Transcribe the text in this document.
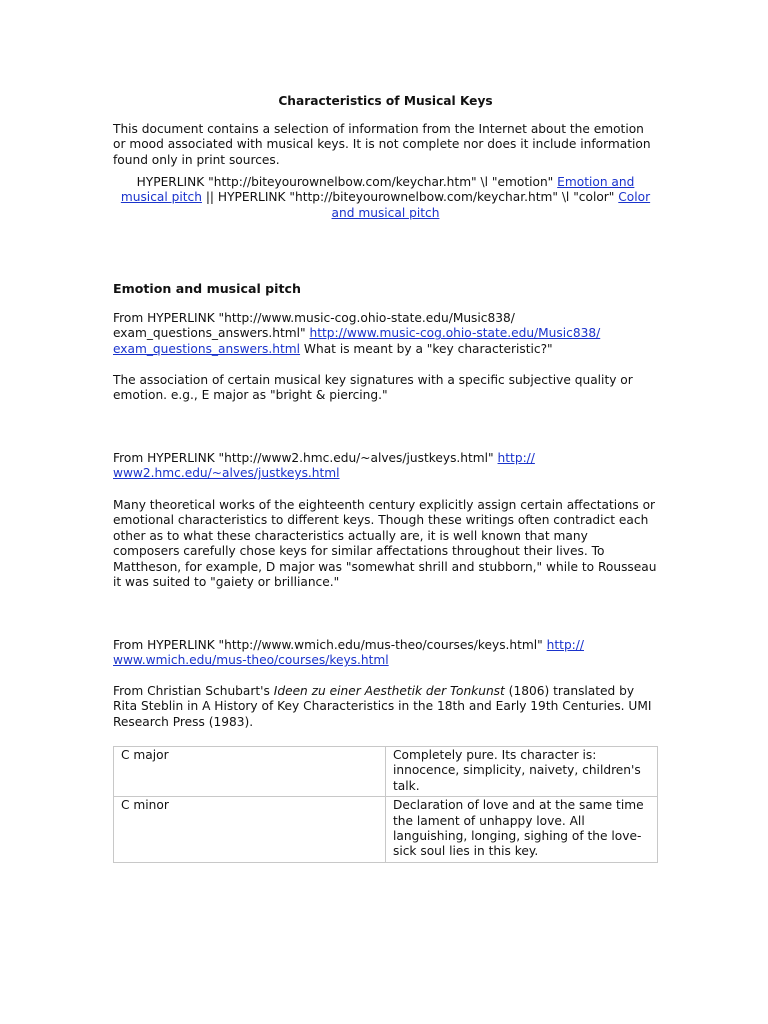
Characteristics of Musical Keys

This document contains a selection of information from the Internet about the emotion or mood associated with musical keys. It is not complete nor does it include information found only in print sources.

HYPERLINK "http://biteyourownelbow.com/keychar.htm" \l "emotion" Emotion and musical pitch || HYPERLINK "http://biteyourownelbow.com/keychar.htm" \l "color" Color and musical pitch

Emotion and musical pitch

From HYPERLINK "http://www.music-cog.ohio-state.edu/Music838/ exam_questions_answers.html" http://www.music-cog.ohio-state.edu/Music838/ exam_questions_answers.html What is meant by a "key characteristic?"

The association of certain musical key signatures with a specific subjective quality or emotion. e.g., E major as "bright & piercing."

From HYPERLINK "http://www2.hmc.edu/~alves/justkeys.html" http:// www2.hmc.edu/~alves/justkeys.html

Many theoretical works of the eighteenth century explicitly assign certain affectations or emotional characteristics to different keys. Though these writings often contradict each other as to what these characteristics actually are, it is well known that many composers carefully chose keys for similar affectations throughout their lives. To Mattheson, for example, D major was "somewhat shrill and stubborn," while to Rousseau it was suited to "gaiety or brilliance."

From HYPERLINK "http://www.wmich.edu/mus-theo/courses/keys.html" http:// www.wmich.edu/mus-theo/courses/keys.html

From Christian Schubart's Ideen zu einer Aesthetik der Tonkunst (1806) translated by Rita Steblin in A History of Key Characteristics in the 18th and Early 19th Centuries. UMI Research Press (1983).

C major	Completely pure. Its character is: innocence, simplicity, naivety, children's talk.
C minor	Declaration of love and at the same time the lament of unhappy love. All languishing, longing, sighing of the love-sick soul lies in this key.
